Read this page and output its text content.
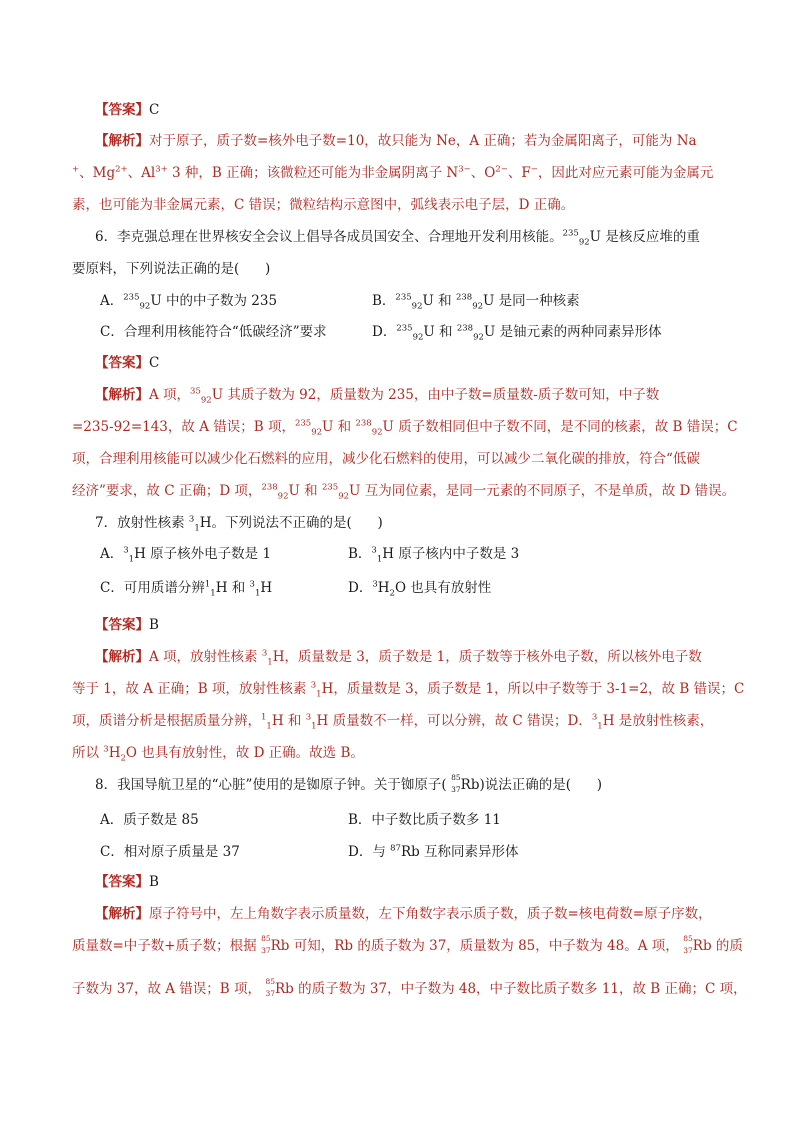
【答案】C
【解析】对于原子，质子数=核外电子数=10，故只能为 Ne，A 正确；若为金属阳离子，可能为 Na
+、$Mg^{2+}$、$Al^{3+}$ 3 种，B 正确；该微粒还可能为非金属阴离子 $N^{3-}$、$O^{2-}$、F−，因此对应元素可能为金属元
素，也可能为非金属元素，C 错误；微粒结构示意图中，弧线表示电子层，D 正确。
6．李克强总理在世界核安全会议上倡导各成员国安全、合理地开发利用核能。$^{235}_{92}$U 是核反应堆的重
要原料，下列说法正确的是(      )
A．$^{235}_{92}$U 中的中子数为 235	B．$^{235}_{92}$U 和 $^{238}_{92}$U 是同一种核素
C．合理利用核能符合“低碳经济”要求	D．$^{235}_{92}$U 和 $^{238}_{92}$U 是铀元素的两种同素异形体
【答案】C
【解析】A 项，$^{35}_{92}$U 其质子数为 92，质量数为 235，由中子数=质量数-质子数可知，中子数
=235-92=143，故 A 错误；B 项，$^{235}_{92}$U 和 $^{238}_{92}$U 质子数相同但中子数不同，是不同的核素，故 B 错误；C
项，合理利用核能可以减少化石燃料的应用，减少化石燃料的使用，可以减少二氧化碳的排放，符合“低碳
经济”要求，故 C 正确；D 项，$^{238}_{92}$U 和 $^{235}_{92}$U 互为同位素，是同一元素的不同原子，不是单质，故 D 错误。
7．放射性核素 $^3_1$H。下列说法不正确的是(      )
A．$^3_1$H 原子核外电子数是 1	B．$^3_1$H 原子核内中子数是 3
C．可用质谱分辨$^1_1$H 和 $^3_1$H	D．$^3H_2O$ 也具有放射性
【答案】B
【解析】A 项，放射性核素 $^3_1$H，质量数是 3，质子数是 1，质子数等于核外电子数，所以核外电子数
等于 1，故 A 正确；B 项，放射性核素 $^3_1$H，质量数是 3，质子数是 1，所以中子数等于 3-1=2，故 B 错误；C
项，质谱分析是根据质量分辨，$^1_1$H 和 $^3_1$H 质量数不一样，可以分辨，故 C 错误；D．$^3_1$H 是放射性核素，
所以 $^3H_2O$ 也具有放射性，故 D 正确。故选 B。
8．我国导航卫星的“心脏”使用的是铷原子钟。关于铷原子( 85
37 Rb)说法正确的是(      )
A．质子数是 85	B．中子数比质子数多 11
C．相对原子质量是 37	D．与 $^{87}$Rb 互称同素异形体
【答案】B
【解析】原子符号中，左上角数字表示质量数，左下角数字表示质子数，质子数=核电荷数=原子序数，
质量数=中子数+质子数；根据 85
37 Rb 可知，Rb 的质子数为 37，质量数为 85，中子数为 48。A 项， 85
37 Rb 的质
子数为 37，故 A 错误；B 项， 85
37 Rb 的质子数为 37，中子数为 48，中子数比质子数多 11，故 B 正确；C 项，
